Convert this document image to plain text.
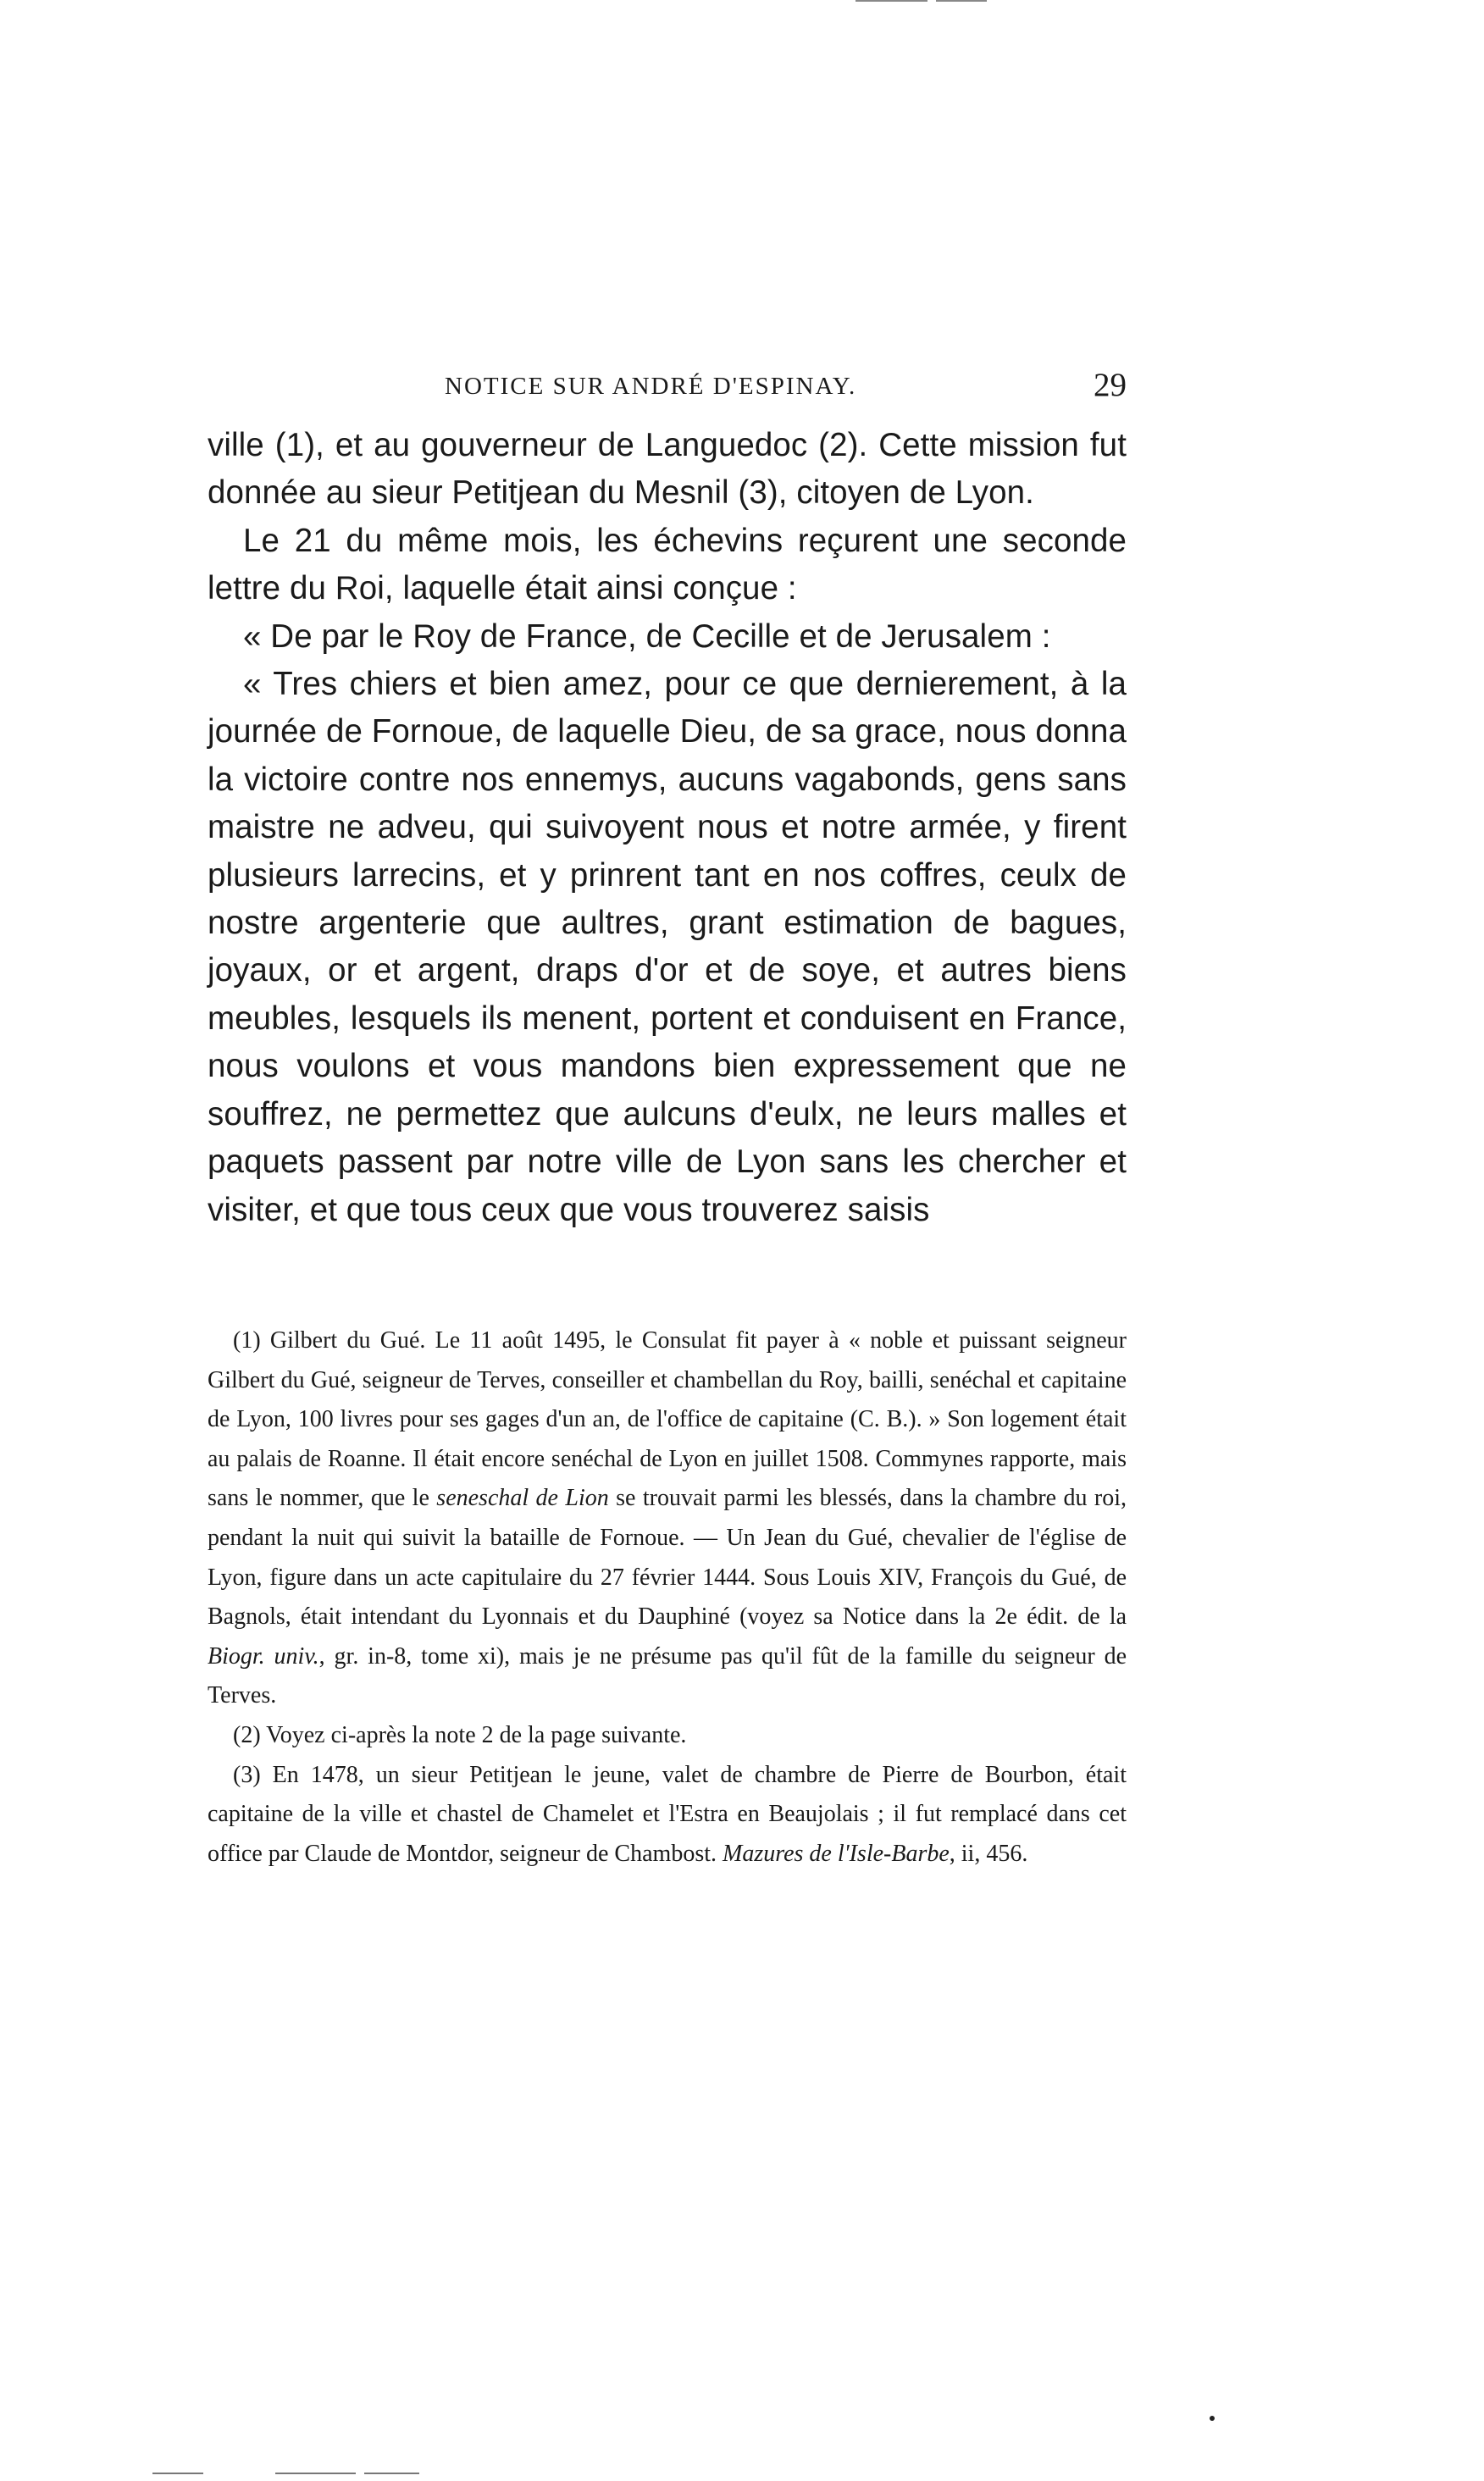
NOTICE SUR ANDRÉ D'ESPINAY.	29

ville (1), et au gouverneur de Languedoc (2). Cette mission fut donnée au sieur Petitjean du Mesnil (3), citoyen de Lyon.

Le 21 du même mois, les échevins reçurent une seconde lettre du Roi, laquelle était ainsi conçue :

« De par le Roy de France, de Cecille et de Jerusalem :

« Tres chiers et bien amez, pour ce que dernierement, à la journée de Fornoue, de laquelle Dieu, de sa grace, nous donna la victoire contre nos ennemys, aucuns vagabonds, gens sans maistre ne adveu, qui suivoyent nous et notre armée, y firent plusieurs larrecins, et y prinrent tant en nos coffres, ceulx de nostre argenterie que aultres, grant estimation de bagues, joyaux, or et argent, draps d'or et de soye, et autres biens meubles, lesquels ils menent, portent et conduisent en France, nous voulons et vous mandons bien expressement que ne souffrez, ne permettez que aulcuns d'eulx, ne leurs malles et paquets passent par notre ville de Lyon sans les chercher et visiter, et que tous ceux que vous trouverez saisis

(1) Gilbert du Gué. Le 11 août 1495, le Consulat fit payer à « noble et puissant seigneur Gilbert du Gué, seigneur de Terves, conseiller et chambellan du Roy, bailli, senéchal et capitaine de Lyon, 100 livres pour ses gages d'un an, de l'office de capitaine (C. B.). » Son logement était au palais de Roanne. Il était encore senéchal de Lyon en juillet 1508. Commynes rapporte, mais sans le nommer, que le seneschal de Lion se trouvait parmi les blessés, dans la chambre du roi, pendant la nuit qui suivit la bataille de Fornoue. — Un Jean du Gué, chevalier de l'église de Lyon, figure dans un acte capitulaire du 27 février 1444. Sous Louis XIV, François du Gué, de Bagnols, était intendant du Lyonnais et du Dauphiné (voyez sa Notice dans la 2e édit. de la Biogr. univ., gr. in-8, tome xi), mais je ne présume pas qu'il fût de la famille du seigneur de Terves.

(2) Voyez ci-après la note 2 de la page suivante.

(3) En 1478, un sieur Petitjean le jeune, valet de chambre de Pierre de Bourbon, était capitaine de la ville et chastel de Chamelet et l'Estra en Beaujolais ; il fut remplacé dans cet office par Claude de Montdor, seigneur de Chambost. Mazures de l'Isle-Barbe, ii, 456.
